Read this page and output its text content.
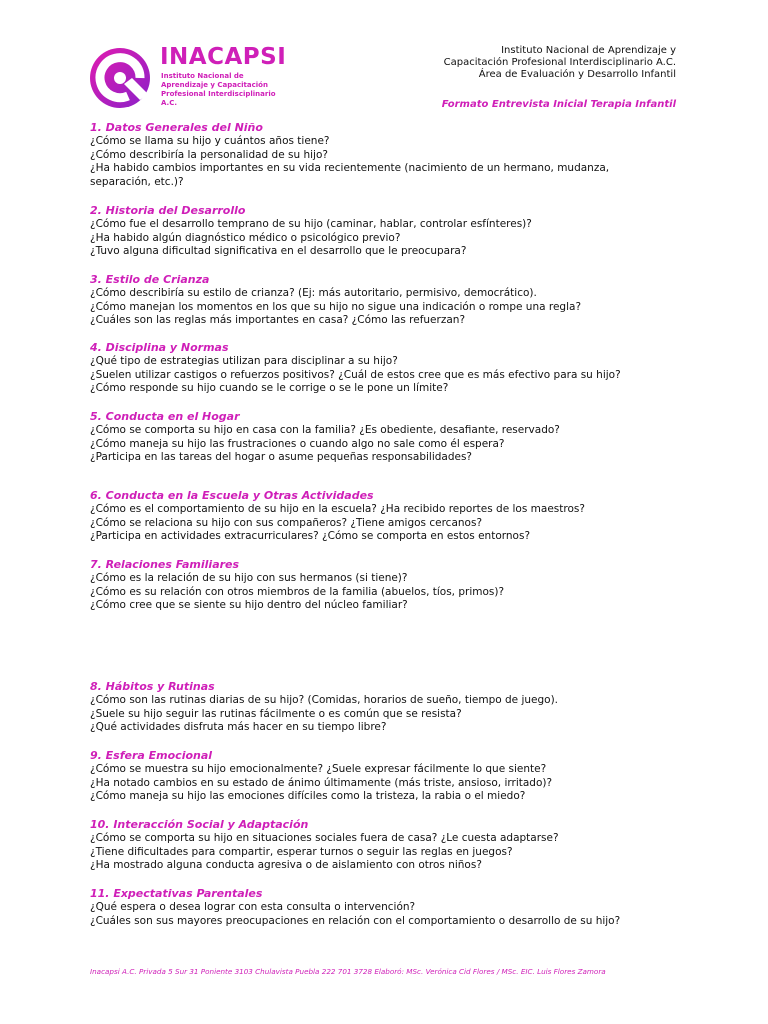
INACAPSI
Instituto Nacional de Aprendizaje y Capacitación Profesional Interdisciplinario A.C.
Instituto Nacional de Aprendizaje y
Capacitación Profesional Interdisciplinario A.C.
Área de Evaluación y Desarrollo Infantil
Formato Entrevista Inicial Terapia Infantil
1. Datos Generales del Niño
¿Cómo se llama su hijo y cuántos años tiene?
¿Cómo describiría la personalidad de su hijo?
¿Ha habido cambios importantes en su vida recientemente (nacimiento de un hermano, mudanza, separación, etc.)?
2. Historia del Desarrollo
¿Cómo fue el desarrollo temprano de su hijo (caminar, hablar, controlar esfínteres)?
¿Ha habido algún diagnóstico médico o psicológico previo?
¿Tuvo alguna dificultad significativa en el desarrollo que le preocupara?
3. Estilo de Crianza
¿Cómo describiría su estilo de crianza? (Ej: más autoritario, permisivo, democrático).
¿Cómo manejan los momentos en los que su hijo no sigue una indicación o rompe una regla?
¿Cuáles son las reglas más importantes en casa? ¿Cómo las refuerzan?
4. Disciplina y Normas
¿Qué tipo de estrategias utilizan para disciplinar a su hijo?
¿Suelen utilizar castigos o refuerzos positivos? ¿Cuál de estos cree que es más efectivo para su hijo?
¿Cómo responde su hijo cuando se le corrige o se le pone un límite?
5. Conducta en el Hogar
¿Cómo se comporta su hijo en casa con la familia? ¿Es obediente, desafiante, reservado?
¿Cómo maneja su hijo las frustraciones o cuando algo no sale como él espera?
¿Participa en las tareas del hogar o asume pequeñas responsabilidades?
6. Conducta en la Escuela y Otras Actividades
¿Cómo es el comportamiento de su hijo en la escuela? ¿Ha recibido reportes de los maestros?
¿Cómo se relaciona su hijo con sus compañeros? ¿Tiene amigos cercanos?
¿Participa en actividades extracurriculares? ¿Cómo se comporta en estos entornos?
7. Relaciones Familiares
¿Cómo es la relación de su hijo con sus hermanos (si tiene)?
¿Cómo es su relación con otros miembros de la familia (abuelos, tíos, primos)?
¿Cómo cree que se siente su hijo dentro del núcleo familiar?
8. Hábitos y Rutinas
¿Cómo son las rutinas diarias de su hijo? (Comidas, horarios de sueño, tiempo de juego).
¿Suele su hijo seguir las rutinas fácilmente o es común que se resista?
¿Qué actividades disfruta más hacer en su tiempo libre?
9. Esfera Emocional
¿Cómo se muestra su hijo emocionalmente? ¿Suele expresar fácilmente lo que siente?
¿Ha notado cambios en su estado de ánimo últimamente (más triste, ansioso, irritado)?
¿Cómo maneja su hijo las emociones difíciles como la tristeza, la rabia o el miedo?
10. Interacción Social y Adaptación
¿Cómo se comporta su hijo en situaciones sociales fuera de casa? ¿Le cuesta adaptarse?
¿Tiene dificultades para compartir, esperar turnos o seguir las reglas en juegos?
¿Ha mostrado alguna conducta agresiva o de aislamiento con otros niños?
11. Expectativas Parentales
¿Qué espera o desea lograr con esta consulta o intervención?
¿Cuáles son sus mayores preocupaciones en relación con el comportamiento o desarrollo de su hijo?
Inacapsi A.C. Privada 5 Sur 31 Poniente 3103 Chulavista Puebla 222 701 3728 Elaboró: MSc. Verónica Cid Flores / MSc. EIC. Luis Flores Zamora
